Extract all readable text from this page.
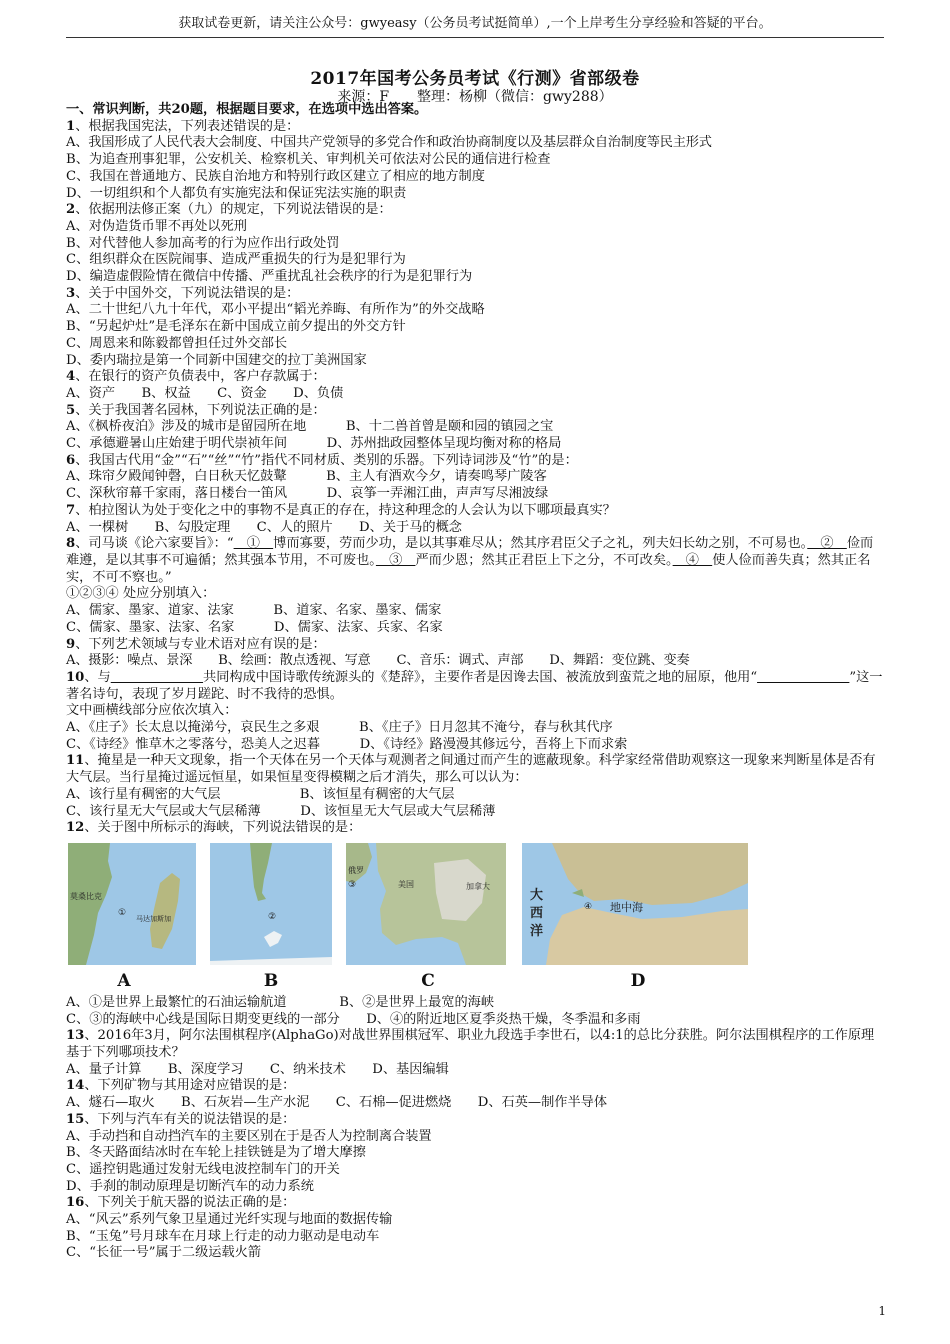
获取试卷更新，请关注公众号：gwyeasy（公务员考试挺简单）,一个上岸考生分享经验和答疑的平台。
2017年国考公务员考试《行测》省部级卷
来源：F　　整理：杨柳（微信：gwy288）
一、常识判断，共20题，根据题目要求，在选项中选出答案。
1、根据我国宪法，下列表述错误的是：
A、我国形成了人民代表大会制度、中国共产党领导的多党合作和政治协商制度以及基层群众自治制度等民主形式
B、为追查刑事犯罪，公安机关、检察机关、审判机关可依法对公民的通信进行检查
C、我国在普通地方、民族自治地方和特别行政区建立了相应的地方制度
D、一切组织和个人都负有实施宪法和保证宪法实施的职责
2、依据刑法修正案（九）的规定，下列说法错误的是：
A、对伪造货币罪不再处以死刑
B、对代替他人参加高考的行为应作出行政处罚
C、组织群众在医院闹事、造成严重损失的行为是犯罪行为
D、编造虚假险情在微信中传播、严重扰乱社会秩序的行为是犯罪行为
3、关于中国外交，下列说法错误的是：
A、二十世纪八九十年代，邓小平提出“韬光养晦、有所作为”的外交战略
B、“另起炉灶”是毛泽东在新中国成立前夕提出的外交方针
C、周恩来和陈毅都曾担任过外交部长
D、委内瑞拉是第一个同新中国建交的拉丁美洲国家
4、在银行的资产负债表中，客户存款属于：
A、资产　　B、权益　　C、资金　　D、负债
5、关于我国著名园林，下列说法正确的是：
A、《枫桥夜泊》涉及的城市是留园所在地　　　B、十二兽首曾是颐和园的镇园之宝
C、承德避暑山庄始建于明代崇祯年间　　　D、苏州拙政园整体呈现均衡对称的格局
6、我国古代用“金”“石”“丝”“竹”指代不同材质、类别的乐器。下列诗词涉及“竹”的是：
A、珠帘夕殿闻钟磬，白日秋天忆鼓鼙　　　B、主人有酒欢今夕，请奏鸣琴广陵客
C、深秋帘幕千家雨，落日楼台一笛风　　　D、哀筝一弄湘江曲，声声写尽湘波绿
7、柏拉图认为处于变化之中的事物不是真正的存在，持这种理念的人会认为以下哪项最真实？
A、一棵树　　B、勾股定理　　C、人的照片　　D、关于马的概念
8、司马谈《论六家要旨》：“　①　博而寡要，劳而少功，是以其事难尽从；然其序君臣父子之礼，列夫妇长幼之别，不可易也。　②　俭而难遵，是以其事不可遍循；然其强本节用，不可废也。　③　严而少恩；然其正君臣上下之分，不可改矣。　④　使人俭而善失真；然其正名实，不可不察也。”
①②③④ 处应分别填入：
A、儒家、墨家、道家、法家　　　B、道家、名家、墨家、儒家
C、儒家、墨家、法家、名家　　　D、儒家、法家、兵家、名家
9、下列艺术领域与专业术语对应有误的是：
A、摄影：噪点、景深　　B、绘画：散点透视、写意　　C、音乐：调式、声部　　D、舞蹈：变位跳、变奏
10、与　　　　　　　	共同构成中国诗歌传统源头的《楚辞》，主要作者是因谗去国、被流放到蛮荒之地的屈原，他用“　　　　　　　	”这一著名诗句，表现了岁月蹉跎、时不我待的恐惧。
文中画横线部分应依次填入：
A、《庄子》长太息以掩涕兮，哀民生之多艰　　　B、《庄子》日月忽其不淹兮，春与秋其代序
C、《诗经》惟草木之零落兮，恐美人之迟暮　　　D、《诗经》路漫漫其修远兮，吾将上下而求索
11、掩星是一种天文现象，指一个天体在另一个天体与观测者之间通过而产生的遮蔽现象。科学家经常借助观察这一现象来判断星体是否有大气层。当行星掩过遥远恒星，如果恒星变得模糊之后才消失，那么可以认为：
A、该行星有稠密的大气层　　　　　　B、该恒星有稠密的大气层
C、该行星无大气层或大气层稀薄　　　D、该恒星无大气层或大气层稀薄
12、关于图中所标示的海峡，下列说法错误的是：
莫桑比克
①
马达加斯加	②
俄罗
③	美国	加拿大
大
西
洋
④ 地中海
A	B	C	D
A、①是世界上最繁忙的石油运输航道　　　　B、②是世界上最宽的海峡
C、③的海峡中心线是国际日期变更线的一部分　　D、④的附近地区夏季炎热干燥，冬季温和多雨
13、2016年3月，阿尔法围棋程序(AlphaGo)对战世界围棋冠军、职业九段选手李世石，以4:1的总比分获胜。阿尔法围棋程序的工作原理基于下列哪项技术？
A、量子计算　　B、深度学习　　C、纳米技术　　D、基因编辑
14、下列矿物与其用途对应错误的是：
A、燧石—取火　　B、石灰岩—生产水泥　　C、石棉—促进燃烧　　D、石英—制作半导体
15、下列与汽车有关的说法错误的是：
A、手动挡和自动挡汽车的主要区别在于是否人为控制离合装置
B、冬天路面结冰时在车轮上挂铁链是为了增大摩擦
C、遥控钥匙通过发射无线电波控制车门的开关
D、手刹的制动原理是切断汽车的动力系统
16、下列关于航天器的说法正确的是：
A、“风云”系列气象卫星通过光纤实现与地面的数据传输
B、“玉兔”号月球车在月球上行走的动力驱动是电动车
C、“长征一号”属于二级运载火箭
1
